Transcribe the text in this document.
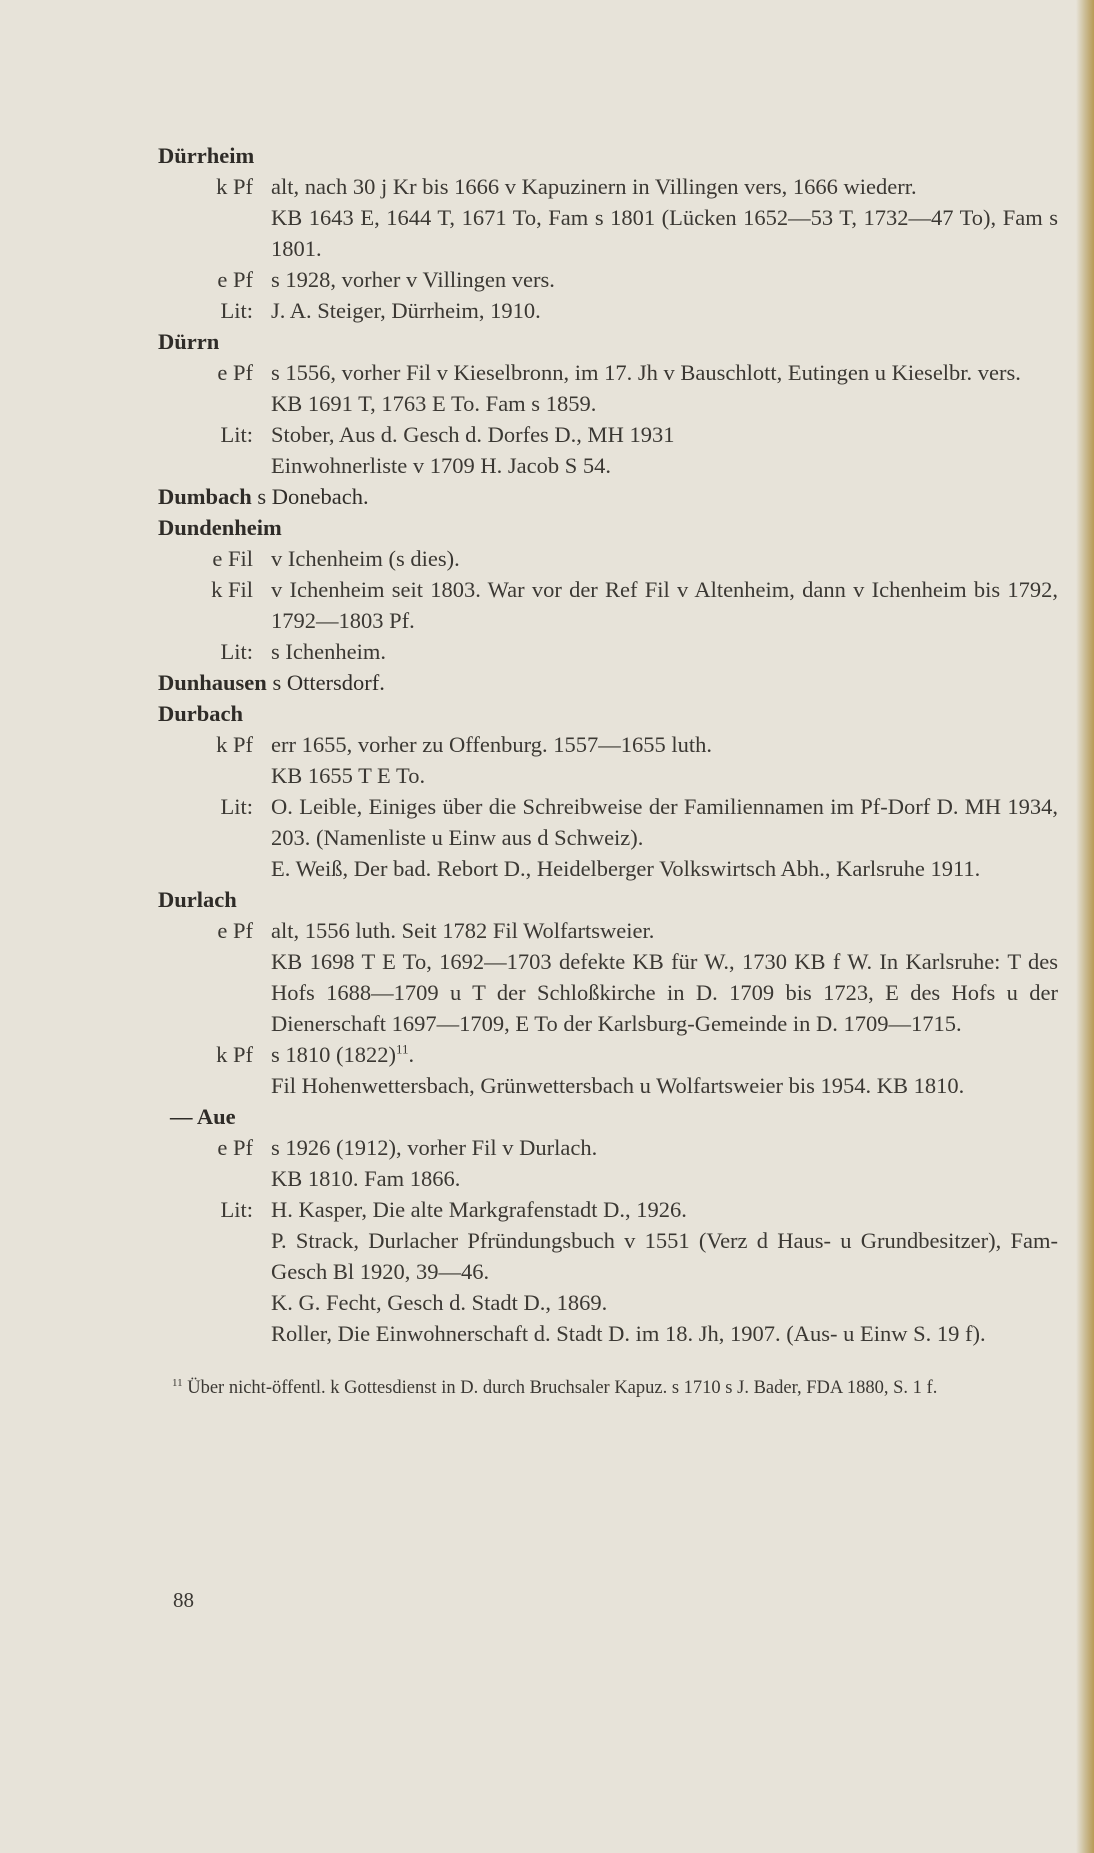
Dürrheim
k Pf alt, nach 30 j Kr bis 1666 v Kapuzinern in Villingen vers, 1666 wiederr.
KB 1643 E, 1644 T, 1671 To, Fam s 1801 (Lücken 1652—53 T, 1732—47 To), Fam s 1801.
e Pf s 1928, vorher v Villingen vers.
Lit: J. A. Steiger, Dürrheim, 1910.
Dürrn
e Pf s 1556, vorher Fil v Kieselbronn, im 17. Jh v Bauschlott, Eutingen u Kieselbr. vers.
KB 1691 T, 1763 E To. Fam s 1859.
Lit: Stober, Aus d. Gesch d. Dorfes D., MH 1931
Einwohnerliste v 1709 H. Jacob S 54.
Dumbach s Donebach.
Dundenheim
e Fil v Ichenheim (s dies).
k Fil v Ichenheim seit 1803. War vor der Ref Fil v Altenheim, dann v Ichenheim bis 1792, 1792—1803 Pf.
Lit: s Ichenheim.
Dunhausen s Ottersdorf.
Durbach
k Pf err 1655, vorher zu Offenburg. 1557—1655 luth.
KB 1655 T E To.
Lit: O. Leible, Einiges über die Schreibweise der Familiennamen im Pf-Dorf D. MH 1934, 203. (Namenliste u Einw aus d Schweiz).
E. Weiß, Der bad. Rebort D., Heidelberger Volkswirtsch Abh., Karlsruhe 1911.
Durlach
e Pf alt, 1556 luth. Seit 1782 Fil Wolfartsweier.
KB 1698 T E To, 1692—1703 defekte KB für W., 1730 KB f W. In Karlsruhe: T des Hofs 1688—1709 u T der Schloßkirche in D. 1709 bis 1723, E des Hofs u der Dienerschaft 1697—1709, E To der Karlsburg-Gemeinde in D. 1709—1715.
k Pf s 1810 $(1822)^{11}$.
Fil Hohenwettersbach, Grünwettersbach u Wolfartsweier bis 1954. KB 1810.
— Aue
e Pf s 1926 (1912), vorher Fil v Durlach.
KB 1810. Fam 1866.
Lit: H. Kasper, Die alte Markgrafenstadt D., 1926.
P. Strack, Durlacher Pfründungsbuch v 1551 (Verz d Haus- u Grundbesitzer), Fam-Gesch Bl 1920, 39—46.
K. G. Fecht, Gesch d. Stadt D., 1869.
Roller, Die Einwohnerschaft d. Stadt D. im 18. Jh, 1907. (Aus- u Einw S. 19 f).
$^{11}$ Über nicht-öffentl. k Gottesdienst in D. durch Bruchsaler Kapuz. s 1710 s J. Bader, FDA 1880, S. 1 f.
88
